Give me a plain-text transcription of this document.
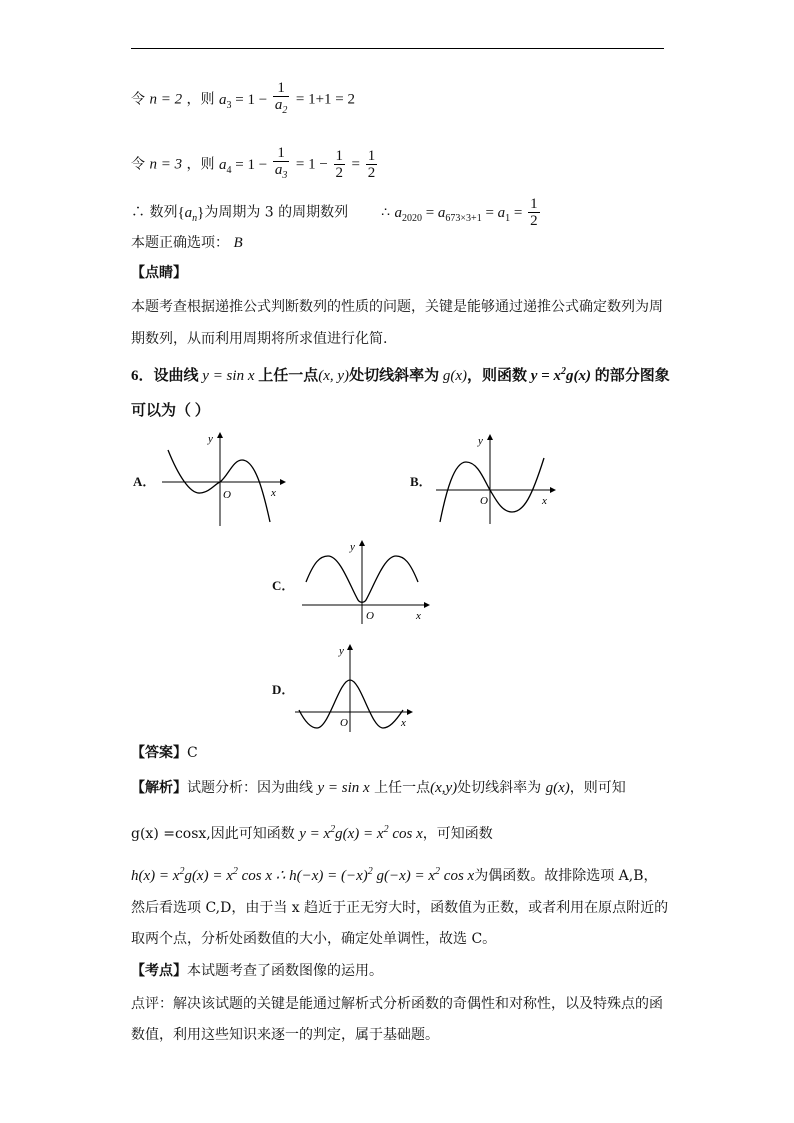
令 n = 2 ，则 $a_3 = 1 - \frac{1}{a_2} = 1+1 = 2$
令 n = 3 ，则 $a_4 = 1 - \frac{1}{a_3} = 1 - \frac{1}{2} = \frac{1}{2}$
∴ 数列$\{a_n\}$为周期为 3 的周期数列 ∴ $a_{2020} = a_{673\times 3+1} = a_1 = \frac{1}{2}$
本题正确选项： B
【点睛】
本题考查根据递推公式判断数列的性质的问题，关键是能够通过递推公式确定数列为周
期数列，从而利用周期将所求值进行化简.
6．设曲线 y = sin x 上任一点(x, y)处切线斜率为 g(x)，则函数 $y = x^2g(x)$ 的部分图象
可以为（ ）
A．
y
x
O
B．
y
x
O
C．
y
x
O
D．
y
x
O
【答案】C
【解析】试题分析：因为曲线 y = sin x 上任一点(x,y)处切线斜率为 g(x)，则可知
g(x) =cosx,因此可知函数 $y = x^2g(x) = x^2$ cos x，可知函数
$h(x) = x^2g(x) = x^2$ cos x ∴ $h(-x) = (-x)^2$ $g(-x) = x^2$ cos x为偶函数。故排除选项 A,B，
然后看选项 C,D，由于当 x 趋近于正无穷大时，函数值为正数，或者利用在原点附近的
取两个点，分析处函数值的大小，确定处单调性，故选 C。
【考点】本试题考查了函数图像的运用。
点评：解决该试题的关键是能通过解析式分析函数的奇偶性和对称性，以及特殊点的函
数值，利用这些知识来逐一的判定，属于基础题。
